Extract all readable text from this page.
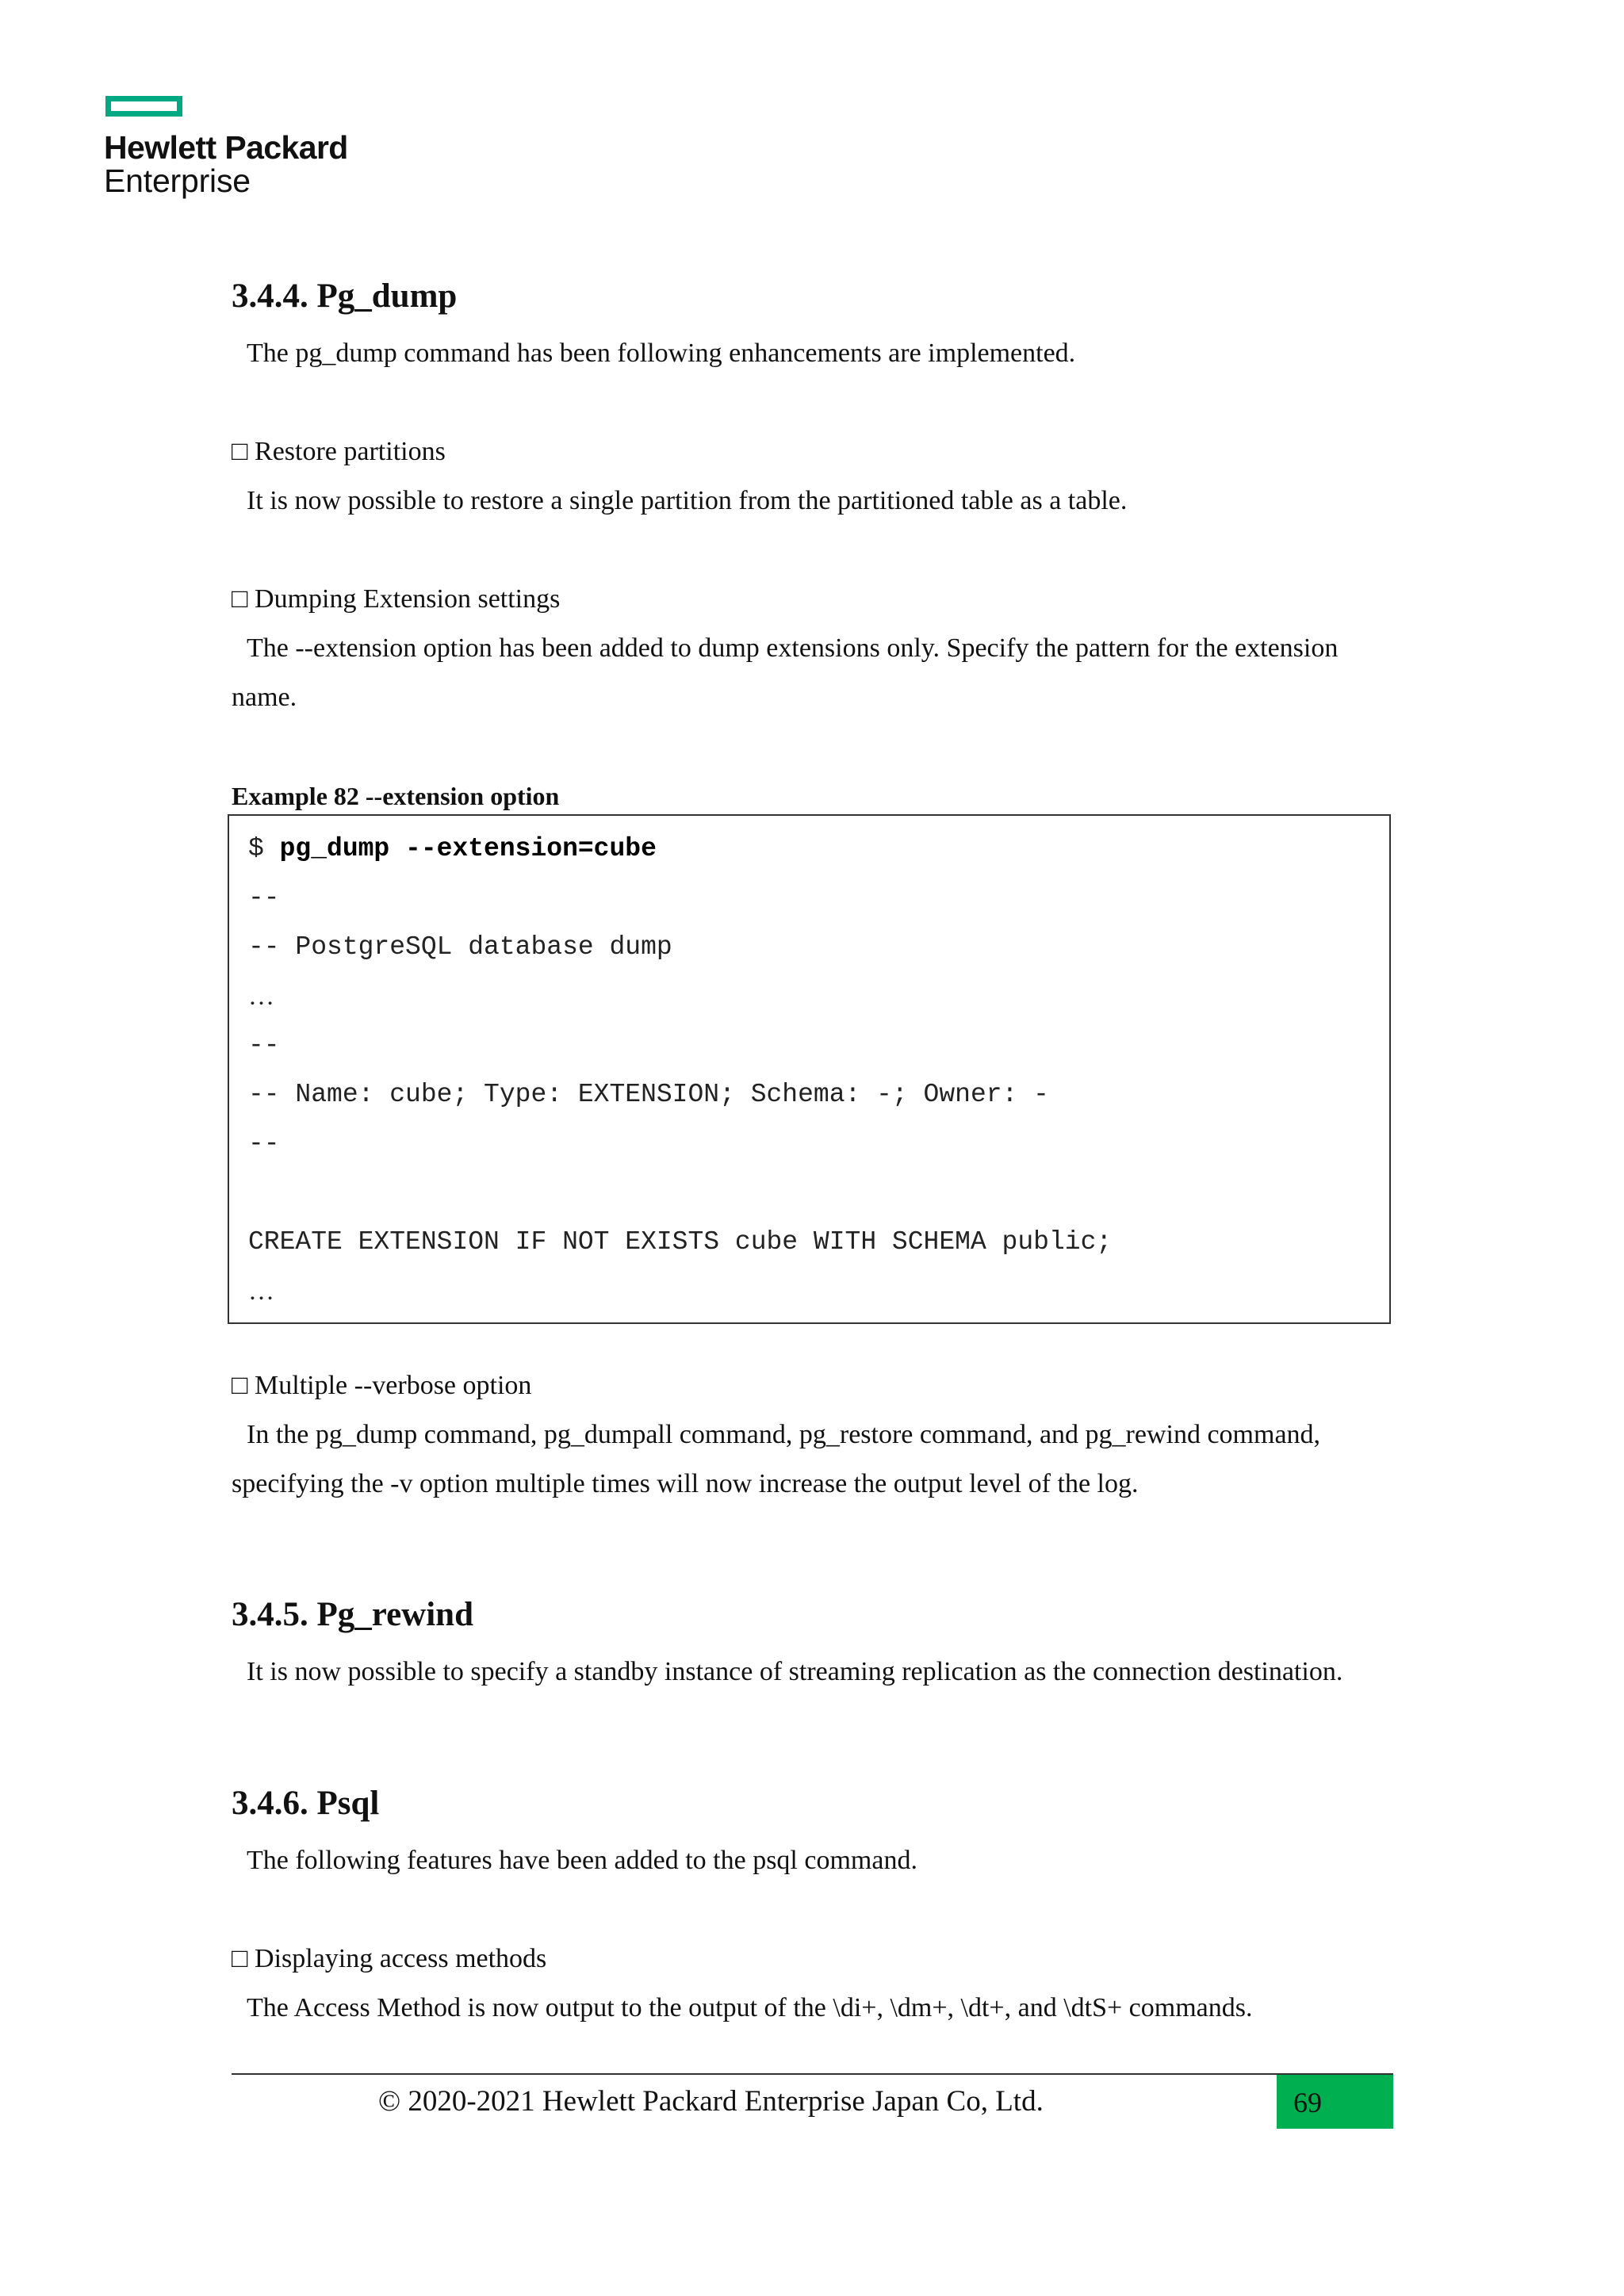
Hewlett Packard
Enterprise
3.4.4. Pg_dump
The pg_dump command has been following enhancements are implemented.
□ Restore partitions
It is now possible to restore a single partition from the partitioned table as a table.
□ Dumping Extension settings
The --extension option has been added to dump extensions only. Specify the pattern for the extension
name.
Example 82 --extension option
$ pg_dump --extension=cube
--
-- PostgreSQL database dump
…
--
-- Name: cube; Type: EXTENSION; Schema: -; Owner: -
--
CREATE EXTENSION IF NOT EXISTS cube WITH SCHEMA public;
…
□ Multiple --verbose option
In the pg_dump command, pg_dumpall command, pg_restore command, and pg_rewind command,
specifying the -v option multiple times will now increase the output level of the log.
3.4.5. Pg_rewind
It is now possible to specify a standby instance of streaming replication as the connection destination.
3.4.6. Psql
The following features have been added to the psql command.
□ Displaying access methods
The Access Method is now output to the output of the \di+, \dm+, \dt+, and \dtS+ commands.
© 2020-2021 Hewlett Packard Enterprise Japan Co, Ltd.	69
